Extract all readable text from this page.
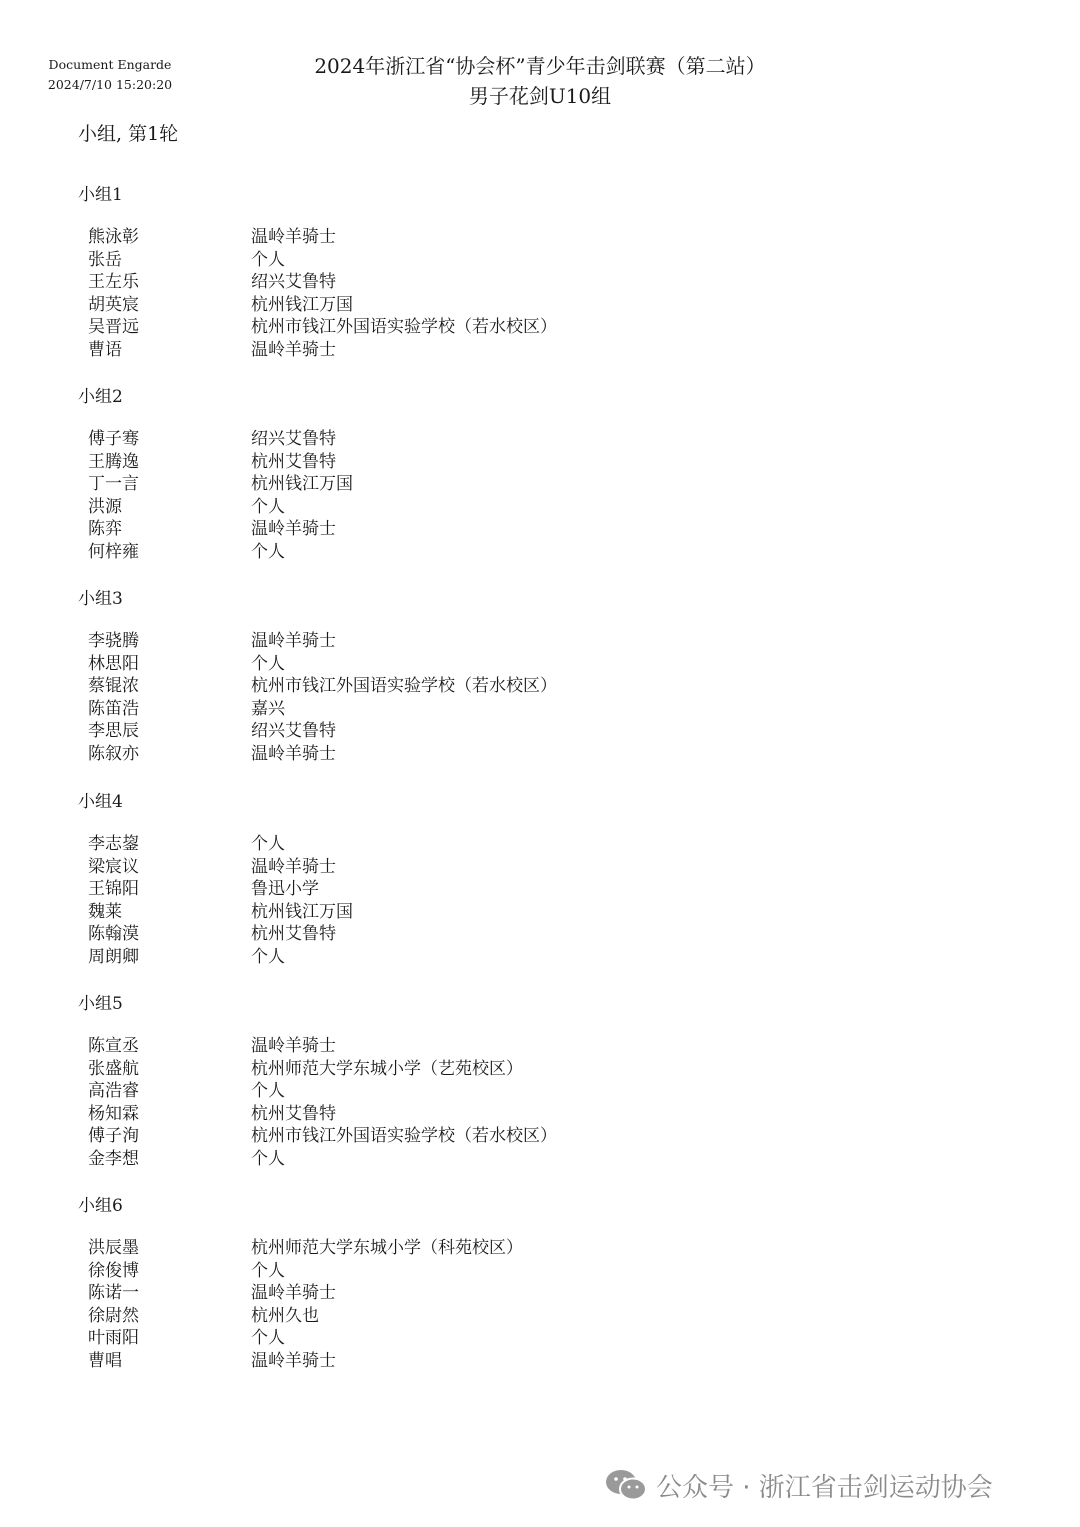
Document Engarde
2024/7/10 15:20:20
2024年浙江省“协会杯”青少年击剑联赛（第二站）
男子花剑U10组
小组, 第1轮
小组1
熊泳彰	温岭羊骑士
张岳	个人
王左乐	绍兴艾鲁特
胡英宸	杭州钱江万国
吴晋远	杭州市钱江外国语实验学校（若水校区）
曹语	温岭羊骑士
小组2
傅子骞	绍兴艾鲁特
王腾逸	杭州艾鲁特
丁一言	杭州钱江万国
洪源	个人
陈弈	温岭羊骑士
何梓雍	个人
小组3
李骁腾	温岭羊骑士
林思阳	个人
蔡锟浓	杭州市钱江外国语实验学校（若水校区）
陈笛浩	嘉兴
李思辰	绍兴艾鲁特
陈叙亦	温岭羊骑士
小组4
李志鋆	个人
梁宸议	温岭羊骑士
王锦阳	鲁迅小学
魏莱	杭州钱江万国
陈翰漠	杭州艾鲁特
周朗卿	个人
小组5
陈宣丞	温岭羊骑士
张盛航	杭州师范大学东城小学（艺苑校区）
高浩睿	个人
杨知霖	杭州艾鲁特
傅子洵	杭州市钱江外国语实验学校（若水校区）
金李想	个人
小组6
洪辰墨	杭州师范大学东城小学（科苑校区）
徐俊博	个人
陈诺一	温岭羊骑士
徐尉然	杭州久也
叶雨阳	个人
曹唱	温岭羊骑士
公众号 · 浙江省击剑运动协会
